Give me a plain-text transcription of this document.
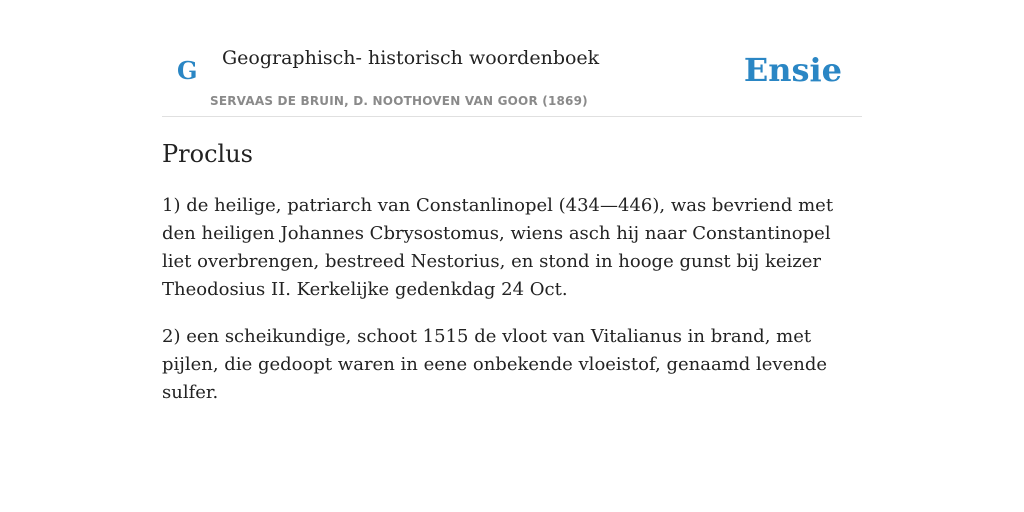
G Geographisch- historisch woordenboek
SERVAAS DE BRUIN, D. NOOTHOVEN VAN GOOR (1869)
Ensie
Proclus

1) de heilige, patriarch van Constanlinopel (434—446), was bevriend met den heiligen Johannes Cbrysostomus, wiens asch hij naar Constantinopel liet overbrengen, bestreed Nestorius, en stond in hooge gunst bij keizer Theodosius II. Kerkelijke gedenkdag 24 Oct.

2) een scheikundige, schoot 1515 de vloot van Vitalianus in brand, met pijlen, die gedoopt waren in eene onbekende vloeistof, genaamd levende sulfer.
